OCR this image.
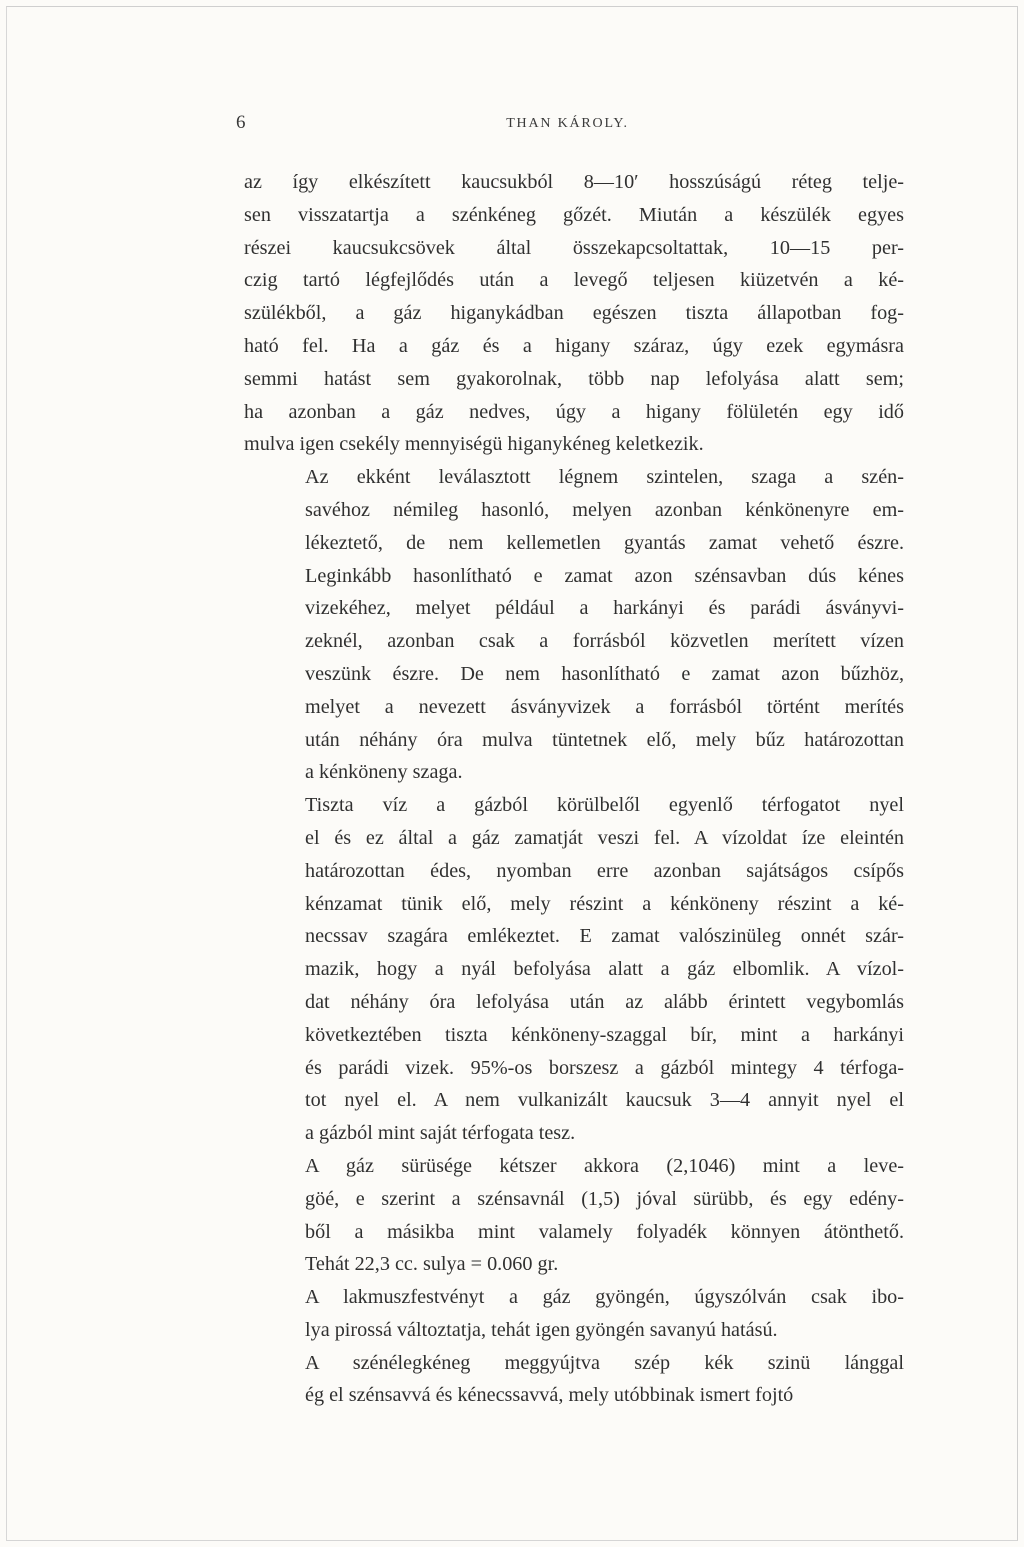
6	THAN KÁROLY.

az így elkészített kaucsukból 8—10′ hosszúságú réteg telje-
sen visszatartja a szénkéneg gőzét. Miután a készülék egyes
részei kaucsukcsövek által összekapcsoltattak, 10—15 per-
czig tartó légfejlődés után a levegő teljesen kiüzetvén a ké-
szülékből, a gáz higanykádban egészen tiszta állapotban fog-
ható fel. Ha a gáz és a higany száraz, úgy ezek egymásra
semmi hatást sem gyakorolnak, több nap lefolyása alatt sem;
ha azonban a gáz nedves, úgy a higany fölületén egy idő
mulva igen csekély mennyiségü higanykéneg keletkezik.

Az ekként leválasztott légnem szintelen, szaga a szén-
savéhoz némileg hasonló, melyen azonban kénkönenyre em-
lékeztető, de nem kellemetlen gyantás zamat vehető észre.
Leginkább hasonlítható e zamat azon szénsavban dús kénes
vizekéhez, melyet például a harkányi és parádi ásványvi-
zeknél, azonban csak a forrásból közvetlen merített vízen
veszünk észre. De nem hasonlítható e zamat azon bűzhöz,
melyet a nevezett ásványvizek a forrásból történt merítés
után néhány óra mulva tüntetnek elő, mely bűz határozottan
a kénköneny szaga.

Tiszta víz a gázból körülbelől egyenlő térfogatot nyel
el és ez által a gáz zamatját veszi fel. A vízoldat íze eleintén
határozottan édes, nyomban erre azonban sajátságos csípős
kénzamat tünik elő, mely részint a kénköneny részint a ké-
necssav szagára emlékeztet. E zamat valószinüleg onnét szár-
mazik, hogy a nyál befolyása alatt a gáz elbomlik. A vízol-
dat néhány óra lefolyása után az alább érintett vegybomlás
következtében tiszta kénköneny-szaggal bír, mint a harkányi
és parádi vizek. 95%-os borszesz a gázból mintegy 4 térfoga-
tot nyel el. A nem vulkanizált kaucsuk 3—4 annyit nyel el
a gázból mint saját térfogata tesz.

A gáz sürüsége kétszer akkora (2,1046) mint a leve-
göé, e szerint a szénsavnál (1,5) jóval sürübb, és egy edény-
ből a másikba mint valamely folyadék könnyen átönthető.
Tehát 22,3 cc. sulya = 0.060 gr.

A lakmuszfestvényt a gáz gyöngén, úgyszólván csak ibo-
lya pirossá változtatja, tehát igen gyöngén savanyú hatású.

A szénélegkéneg meggyújtva szép kék szinü lánggal
ég el szénsavvá és kénecssavvá, mely utóbbinak ismert fojtó
